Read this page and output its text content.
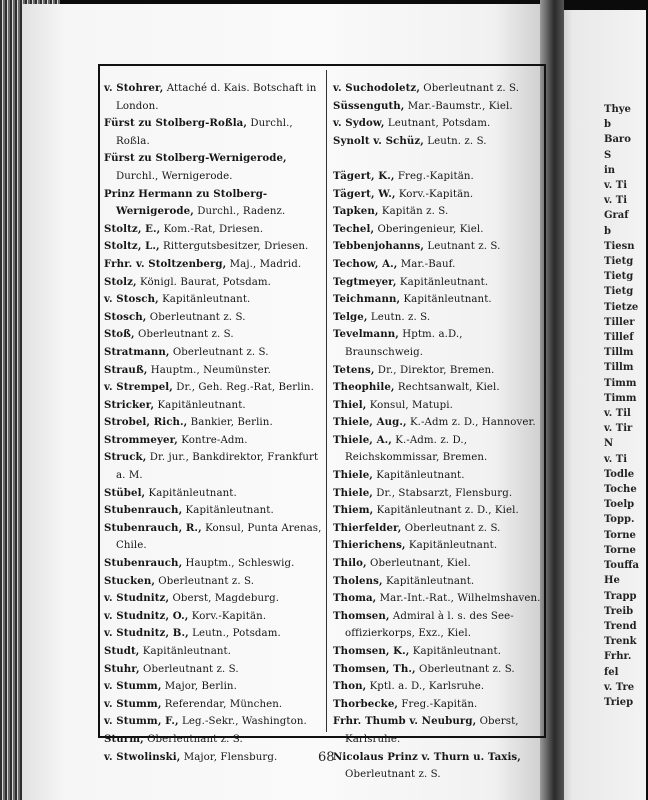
Thye
b
Baro
S
in
v. Ti
v. Ti
Graf
b
Tiesn
Tietg
Tietg
Tietg
Tietze
Tiller
Tillef
Tillm
Tillm
Timm
Timm
v. Til
v. Tir
N
v. Ti
Todle
Toche
Toelp
Topp.
Torne
Torne
Touffa
He
Trapp
Treib
Trend
Trenk
Frhr.
fel
v. Tre
Triep
v. Stohrer, Attaché d. Kais. Botschaft in London.
Fürst zu Stolberg-Roßla, Durchl., Roßla.
Fürst zu Stolberg-Wernigerode, Durchl., Wernigerode.
Prinz Hermann zu Stolberg-Wernigerode, Durchl., Radenz.
Stoltz, E., Kom.-Rat, Driesen.
Stoltz, L., Rittergutsbesitzer, Driesen.
Frhr. v. Stoltzenberg, Maj., Madrid.
Stolz, Königl. Baurat, Potsdam.
v. Stosch, Kapitänleutnant.
Stosch, Oberleutnant z. S.
Stoß, Oberleutnant z. S.
Stratmann, Oberleutnant z. S.
Strauß, Hauptm., Neumünster.
v. Strempel, Dr., Geh. Reg.-Rat, Berlin.
Stricker, Kapitänleutnant.
Strobel, Rich., Bankier, Berlin.
Strommeyer, Kontre-Adm.
Struck, Dr. jur., Bankdirektor, Frankfurt a. M.
Stübel, Kapitänleutnant.
Stubenrauch, Kapitänleutnant.
Stubenrauch, R., Konsul, Punta Arenas, Chile.
Stubenrauch, Hauptm., Schleswig.
Stucken, Oberleutnant z. S.
v. Studnitz, Oberst, Magdeburg.
v. Studnitz, O., Korv.-Kapitän.
v. Studnitz, B., Leutn., Potsdam.
Studt, Kapitänleutnant.
Stuhr, Oberleutnant z. S.
v. Stumm, Major, Berlin.
v. Stumm, Referendar, München.
v. Stumm, F., Leg.-Sekr., Washington.
Sturm, Oberleutnant z. S.
v. Stwolinski, Major, Flensburg.
v. Suchodoletz, Oberleutnant z. S.
Süssenguth, Mar.-Baumstr., Kiel.
v. Sydow, Leutnant, Potsdam.
Synolt v. Schüz, Leutn. z. S.

Tägert, K., Freg.-Kapitän.
Tägert, W., Korv.-Kapitän.
Tapken, Kapitän z. S.
Techel, Oberingenieur, Kiel.
Tebbenjohanns, Leutnant z. S.
Techow, A., Mar.-Bauf.
Tegtmeyer, Kapitänleutnant.
Teichmann, Kapitänleutnant.
Telge, Leutn. z. S.
Tevelmann, Hptm. a.D., Braunschweig.
Tetens, Dr., Direktor, Bremen.
Theophile, Rechtsanwalt, Kiel.
Thiel, Konsul, Matupi.
Thiele, Aug., K.-Adm z. D., Hannover.
Thiele, A., K.-Adm. z. D., Reichskommissar, Bremen.
Thiele, Kapitänleutnant.
Thiele, Dr., Stabsarzt, Flensburg.
Thiem, Kapitänleutnant z. D., Kiel.
Thierfelder, Oberleutnant z. S.
Thierichens, Kapitänleutnant.
Thilo, Oberleutnant, Kiel.
Tholens, Kapitänleutnant.
Thoma, Mar.-Int.-Rat., Wilhelmshaven.
Thomsen, Admiral à l. s. des See-offizierkorps, Exz., Kiel.
Thomsen, K., Kapitänleutnant.
Thomsen, Th., Oberleutnant z. S.
Thon, Kptl. a. D., Karlsruhe.
Thorbecke, Freg.-Kapitän.
Frhr. Thumb v. Neuburg, Oberst, Karlsruhe.
Nicolaus Prinz v. Thurn u. Taxis, Oberleutnant z. S.
68
